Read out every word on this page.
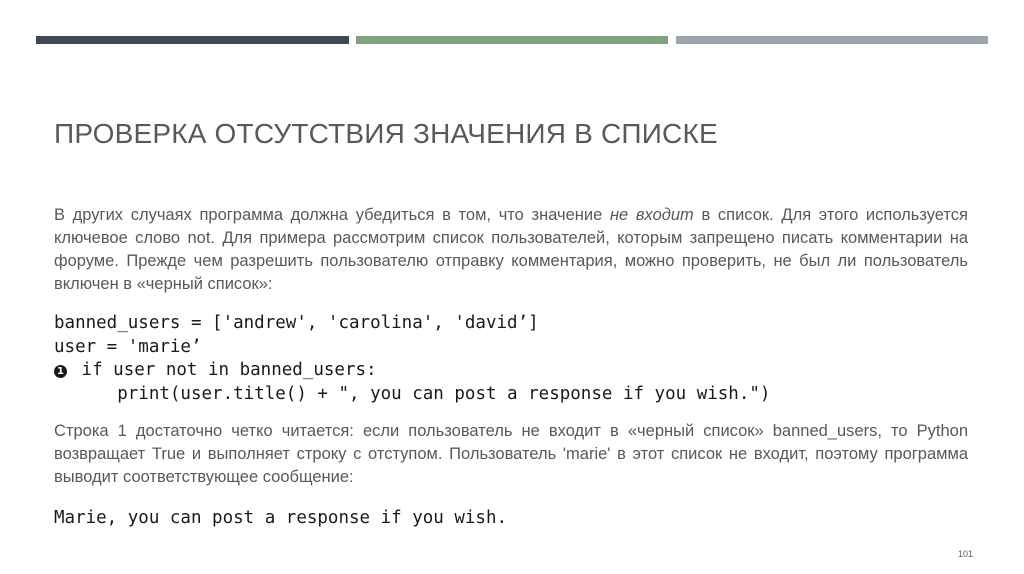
ПРОВЕРКА ОТСУТСТВИЯ ЗНАЧЕНИЯ В СПИСКЕ
В других случаях программа должна убедиться в том, что значение не входит в список. Для этого используется ключевое слово not. Для примера рассмотрим список пользователей, которым запрещено писать комментарии на форуме. Прежде чем разрешить пользователю отправку комментария, можно проверить, не был ли пользователь включен в «черный список»:
banned_users = ['andrew', 'carolina', 'david’]
user = 'marie’
1 if user not in banned_users:
print(user.title() + ", you can post a response if you wish.")
Строка 1 достаточно четко читается: если пользователь не входит в «черный список» banned_users, то Python возвращает True и выполняет строку с отступом. Пользователь 'marie' в этот список не входит, поэтому программа выводит соответствующее сообщение:
Marie, you can post a response if you wish.
101
